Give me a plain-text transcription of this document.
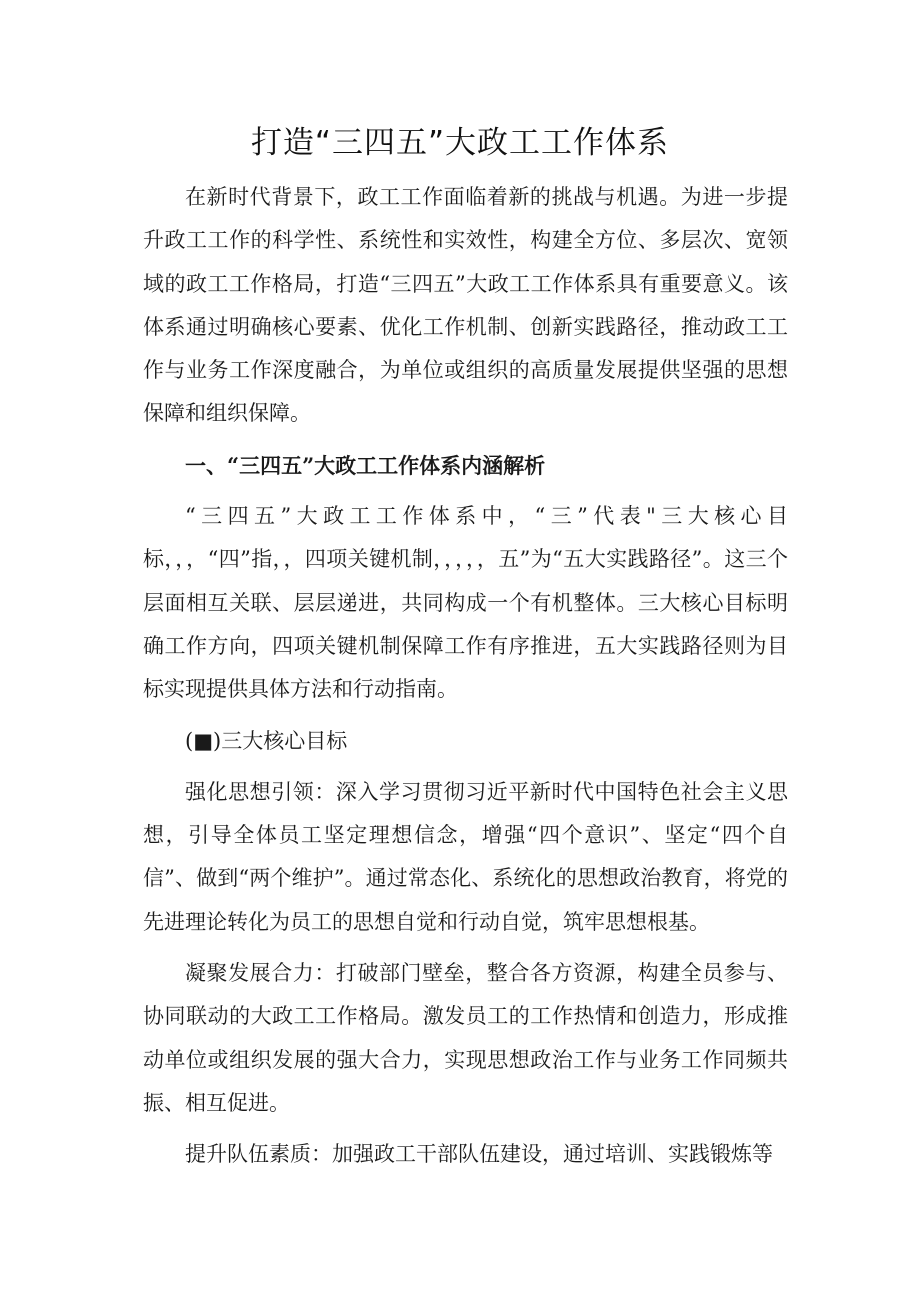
打造“三四五”大政工工作体系

在新时代背景下，政工工作面临着新的挑战与机遇。为进一步提升政工工作的科学性、系统性和实效性，构建全方位、多层次、宽领域的政工工作格局，打造“三四五”大政工工作体系具有重要意义。该体系通过明确核心要素、优化工作机制、创新实践路径，推动政工工作与业务工作深度融合，为单位或组织的高质量发展提供坚强的思想保障和组织保障。

一、“三四五”大政工工作体系内涵解析

“三四五”大政工工作体系中，“三”代表"三大核心目标，，，“四”指，，四项关键机制，，，，，五”为“五大实践路径”。这三个层面相互关联、层层递进，共同构成一个有机整体。三大核心目标明确工作方向，四项关键机制保障工作有序推进，五大实践路径则为目标实现提供具体方法和行动指南。

(■)三大核心目标

强化思想引领：深入学习贯彻习近平新时代中国特色社会主义思想，引导全体员工坚定理想信念，增强“四个意识”、坚定“四个自信”、做到“两个维护”。通过常态化、系统化的思想政治教育，将党的先进理论转化为员工的思想自觉和行动自觉，筑牢思想根基。

凝聚发展合力：打破部门壁垒，整合各方资源，构建全员参与、协同联动的大政工工作格局。激发员工的工作热情和创造力，形成推动单位或组织发展的强大合力，实现思想政治工作与业务工作同频共振、相互促进。

提升队伍素质：加强政工干部队伍建设，通过培训、实践锻炼等
